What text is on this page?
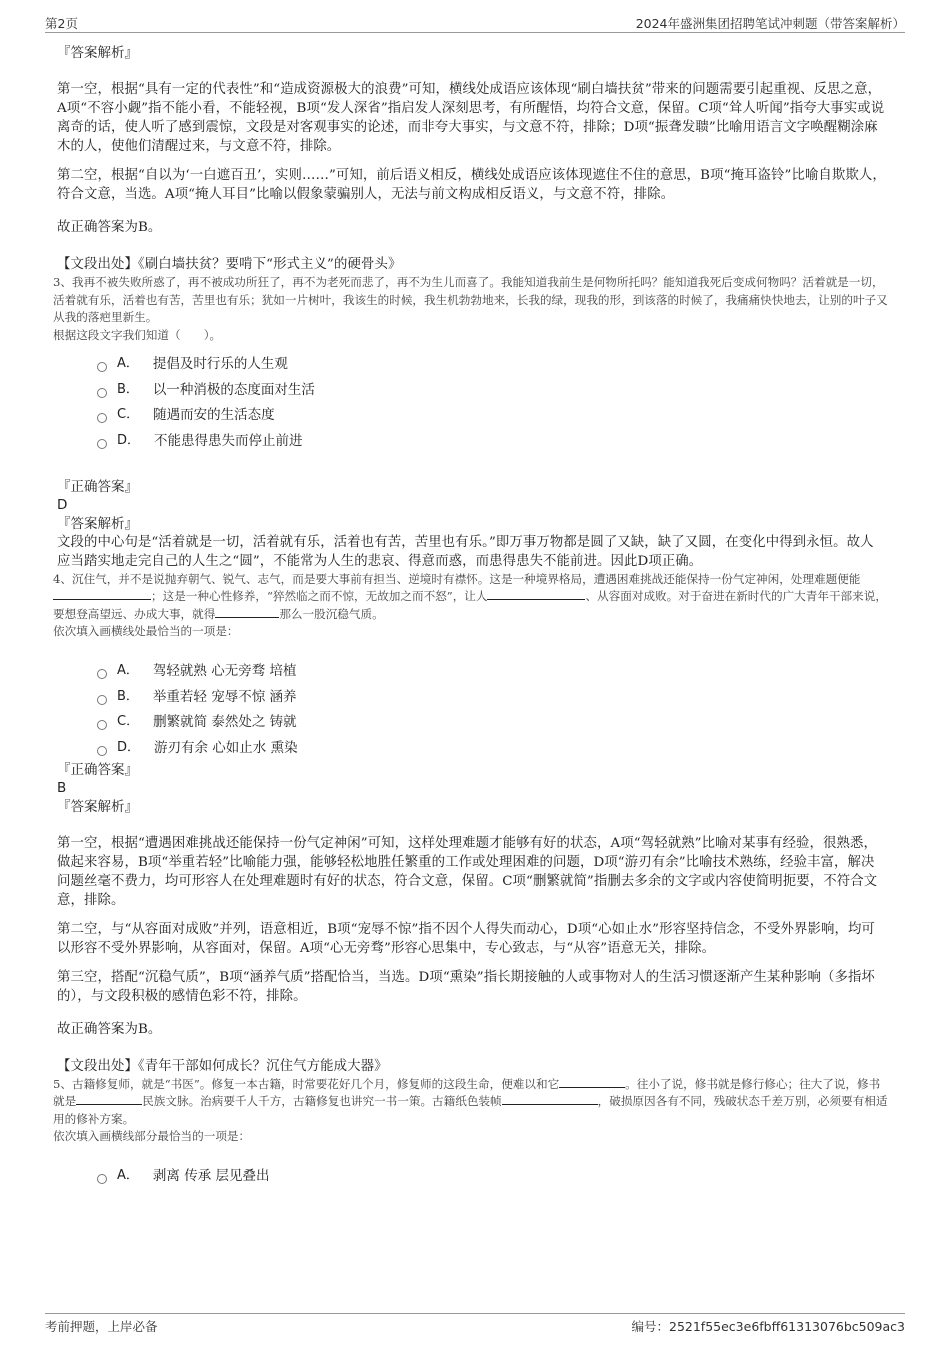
第2页	2024年盛洲集团招聘笔试冲刺题（带答案解析）

『答案解析』

第一空，根据“具有一定的代表性”和“造成资源极大的浪费”可知，横线处成语应该体现“刷白墙扶贫”带来的问题需要引起重视、反思之意，A项“不容小觑”指不能小看，不能轻视，B项“发人深省”指启发人深刻思考，有所醒悟，均符合文意，保留。C项“耸人听闻”指夸大事实或说离奇的话，使人听了感到震惊，文段是对客观事实的论述，而非夸大事实，与文意不符，排除；D项“振聋发聩”比喻用语言文字唤醒糊涂麻木的人，使他们清醒过来，与文意不符，排除。

第二空，根据“自以为‘一白遮百丑’，实则……”可知，前后语义相反，横线处成语应该体现遮住不住的意思，B项“掩耳盗铃”比喻自欺欺人，符合文意，当选。A项“掩人耳目”比喻以假象蒙骗别人，无法与前文构成相反语义，与文意不符，排除。

故正确答案为B。

【文段出处】《刷白墙扶贫？要啃下“形式主义”的硬骨头》

3、我再不被失败所惑了，再不被成功所狂了，再不为老死而悲了，再不为生儿而喜了。我能知道我前生是何物所托吗？能知道我死后变成何物吗？活着就是一切，活着就有乐，活着也有苦，苦里也有乐；犹如一片树叶，我该生的时候，我生机勃勃地来，长我的绿，现我的形，到该落的时候了，我痛痛快快地去，让别的叶子又从我的落疤里新生。

根据这段文字我们知道（　　）。

A． 提倡及时行乐的人生观
B． 以一种消极的态度面对生活
C． 随遇而安的生活态度
D． 不能患得患失而停止前进

『正确答案』

D

『答案解析』

文段的中心句是“活着就是一切，活着就有乐，活着也有苦，苦里也有乐。”即万事万物都是圆了又缺，缺了又圆，在变化中得到永恒。故人应当踏实地走完自己的人生之“圆”，不能常为人生的悲哀、得意而惑，而患得患失不能前进。因此D项正确。

4、沉住气，并不是说抛弃朝气、锐气、志气，而是要大事前有担当、逆境时有襟怀。这是一种境界格局，遭遇困难挑战还能保持一份气定神闲，处理难题便能；这是一种心性修养，“猝然临之而不惊，无故加之而不怒”，让人	、从容面对成败。对于奋进在新时代的广大青年干部来说，要想登高望远、办成大事，就得	那么一股沉稳气质。

依次填入画横线处最恰当的一项是：

A． 驾轻就熟 心无旁骛 培植
B． 举重若轻 宠辱不惊 涵养
C． 删繁就简 泰然处之 铸就
D． 游刃有余 心如止水 熏染

『正确答案』

B

『答案解析』

第一空，根据“遭遇困难挑战还能保持一份气定神闲”可知，这样处理难题才能够有好的状态，A项“驾轻就熟”比喻对某事有经验，很熟悉，做起来容易，B项“举重若轻”比喻能力强，能够轻松地胜任繁重的工作或处理困难的问题，D项“游刃有余”比喻技术熟练，经验丰富，解决问题丝毫不费力，均可形容人在处理难题时有好的状态，符合文意，保留。C项“删繁就简”指删去多余的文字或内容使简明扼要，不符合文意，排除。

第二空，与“从容面对成败”并列，语意相近，B项“宠辱不惊”指不因个人得失而动心，D项“心如止水”形容坚持信念，不受外界影响，均可以形容不受外界影响，从容面对，保留。A项“心无旁骛”形容心思集中，专心致志，与“从容”语意无关，排除。

第三空，搭配“沉稳气质”，B项“涵养气质”搭配恰当，当选。D项“熏染”指长期接触的人或事物对人的生活习惯逐渐产生某种影响（多指坏的），与文段积极的感情色彩不符，排除。

故正确答案为B。

【文段出处】《青年干部如何成长？沉住气方能成大器》

5、古籍修复师，就是“书医”。修复一本古籍，时常要花好几个月，修复师的这段生命，便难以和它	。往小了说，修书就是修行修心；往大了说，修书就是	民族文脉。治病要千人千方，古籍修复也讲究一书一策。古籍纸色装帧	，破损原因各有不同，残破状态千差万别，必须要有相适用的修补方案。

依次填入画横线部分最恰当的一项是：

A． 剥离 传承 层见叠出
考前押题，上岸必备	编号：2521f55ec3e6fbff61313076bc509ac3
